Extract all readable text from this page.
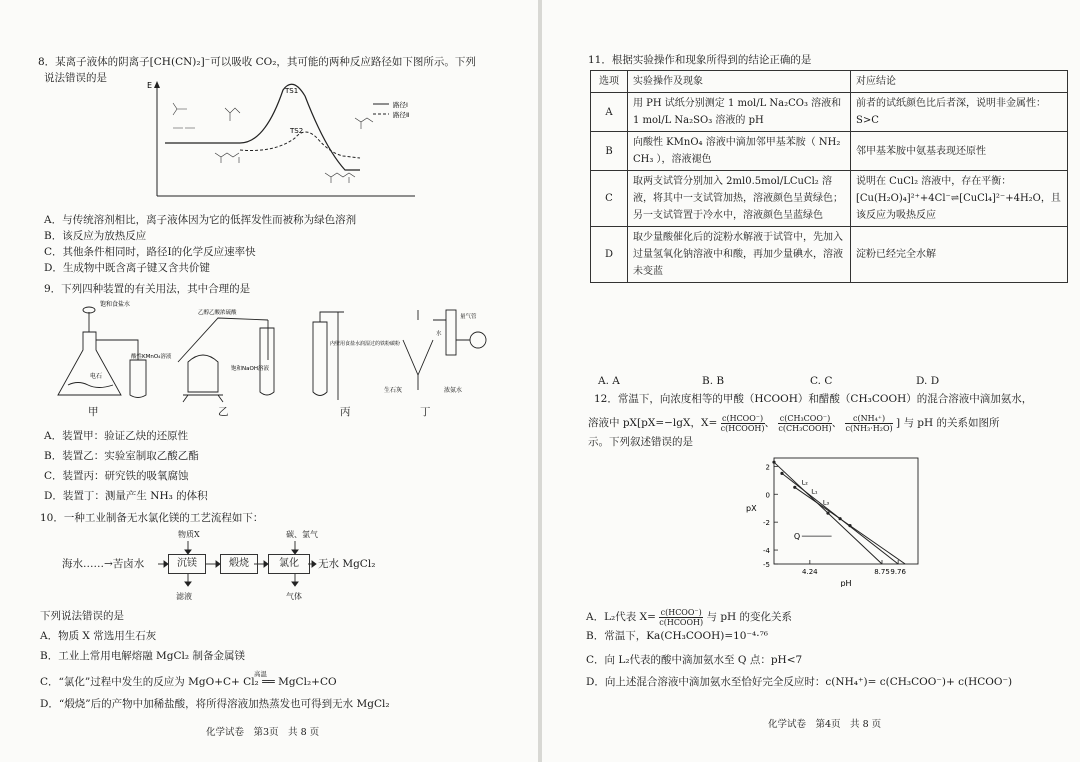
8．某离子液体的阴离子[CH(CN)₂]⁻可以吸收 CO₂，其可能的两种反应路径如下图所示。下列
说法错误的是
E
TS1
TS2
路径Ⅰ
路径Ⅱ
A．与传统溶剂相比，离子液体因为它的低挥发性而被称为绿色溶剂
B．该反应为放热反应
C．其他条件相同时，路径Ⅰ的化学反应速率快
D．生成物中既含离子键又含共价键
9．下列四种装置的有关用法，其中合理的是
饱和食盐水
电石
酸性KMnO₄溶液
乙醇乙酸浓硫酸
饱和NaOH溶液
内壁用食盐水润湿过的铁粉碳粉
生石灰	浓氨水
量气管
水
甲	乙	丙	丁
A．装置甲：验证乙炔的还原性
B．装置乙：实验室制取乙酸乙酯
C．装置丙：研究铁的吸氧腐蚀
D．装置丁：测量产生 NH₃ 的体积
10．一种工业制备无水氯化镁的工艺流程如下：
物质X	碳、氯气
海水……→苦卤水	沉镁	煅烧	氯化	无水 MgCl₂
滤液	气体
下列说法错误的是
A．物质 X 常选用生石灰
B．工业上常用电解熔融 MgCl₂ 制备金属镁
高温
C．“氯化”过程中发生的反应为 MgO+C+ Cl₂ ══ MgCl₂+CO
D．“煅烧”后的产物中加稀盐酸，将所得溶液加热蒸发也可得到无水 MgCl₂
化学试卷　第3页　共 8 页
11．根据实验操作和现象所得到的结论正确的是
选项	实验操作及现象	对应结论
A	用 PH 试纸分别测定 1 mol/L Na₂CO₃ 溶液和 1 mol/L Na₂SO₃ 溶液的 pH	前者的试纸颜色比后者深，说明非金属性：S>C
B	向酸性 KMnO₄ 溶液中滴加邻甲基苯胺（ NH₂ CH₃ ），溶液褪色	邻甲基苯胺中氨基表现还原性
C	取两支试管分别加入 2ml0.5mol/LCuCl₂ 溶液，将其中一支试管加热，溶液颜色呈黄绿色；另一支试管置于冷水中，溶液颜色呈蓝绿色	说明在 CuCl₂ 溶液中，存在平衡：[Cu(H₂O)₄]²⁺+4Cl⁻⇌[CuCl₄]²⁻+4H₂O，且该反应为吸热反应
D	取少量酸催化后的淀粉水解液于试管中，先加入过量氢氧化钠溶液中和酸，再加少量碘水，溶液未变蓝	淀粉已经完全水解
A. A	B. B	C. C	D. D
12．常温下，向浓度相等的甲酸（HCOOH）和醋酸（CH₃COOH）的混合溶液中滴加氨水，
溶液中 pX[pX=−lgX，$X= \frac{\text{c(HCOO⁻)}}{\text{c(HCOOH)}}$ 、 $\frac{\text{c(CH₃COO⁻)}}{\text{c(CH₃COOH)}}$ 、 $\frac{\text{c(NH₄⁺)}}{\text{c(NH₃·H₂O)}}$ ] 与 pH 的关系如图所
示。下列叙述错误的是
2
0
-2
-4
-5
4.24	8.75 9.76
pH
pX
L₁
L₂
L₃
Q
A．L₂代表 $X= \frac{\text{c(HCOO⁻)}}{\text{c(HCOOH)}}$ 与 pH 的变化关系
B．常温下，Ka(CH₃COOH)=10⁻⁴·⁷⁶
C．向 L₂代表的酸中滴加氨水至 Q 点：pH<7
D．向上述混合溶液中滴加氨水至恰好完全反应时：c(NH₄⁺)= c(CH₃COO⁻)+ c(HCOO⁻)
化学试卷　第4页　共 8 页
